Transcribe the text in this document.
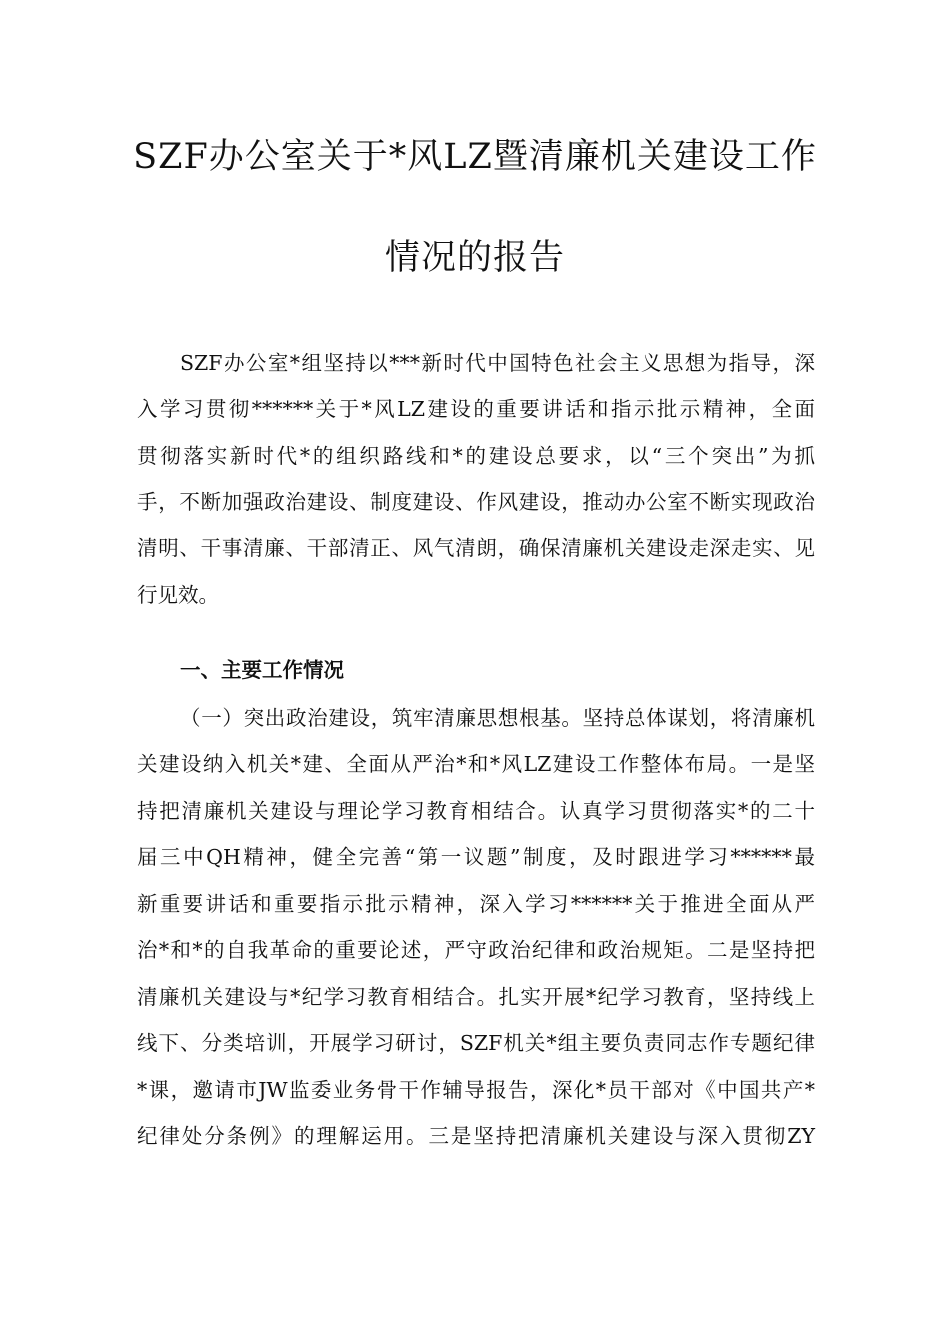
SZF办公室关于*风LZ暨清廉机关建设工作
情况的报告
SZF办公室*组坚持以***新时代中国特色社会主义思想为指导，深
入学习贯彻******关于*风LZ建设的重要讲话和指示批示精神，全面
贯彻落实新时代*的组织路线和*的建设总要求，以“三个突出”为抓
手，不断加强政治建设、制度建设、作风建设，推动办公室不断实现政治
清明、干事清廉、干部清正、风气清朗，确保清廉机关建设走深走实、见
行见效。
一、主要工作情况
（一）突出政治建设，筑牢清廉思想根基。坚持总体谋划，将清廉机
关建设纳入机关*建、全面从严治*和*风LZ建设工作整体布局。一是坚
持把清廉机关建设与理论学习教育相结合。认真学习贯彻落实*的二十
届三中QH精神，健全完善“第一议题”制度，及时跟进学习******最
新重要讲话和重要指示批示精神，深入学习******关于推进全面从严
治*和*的自我革命的重要论述，严守政治纪律和政治规矩。二是坚持把
清廉机关建设与*纪学习教育相结合。扎实开展*纪学习教育，坚持线上
线下、分类培训，开展学习研讨，SZF机关*组主要负责同志作专题纪律
*课，邀请市JW监委业务骨干作辅导报告，深化*员干部对《中国共产*
纪律处分条例》的理解运用。三是坚持把清廉机关建设与深入贯彻ZY
